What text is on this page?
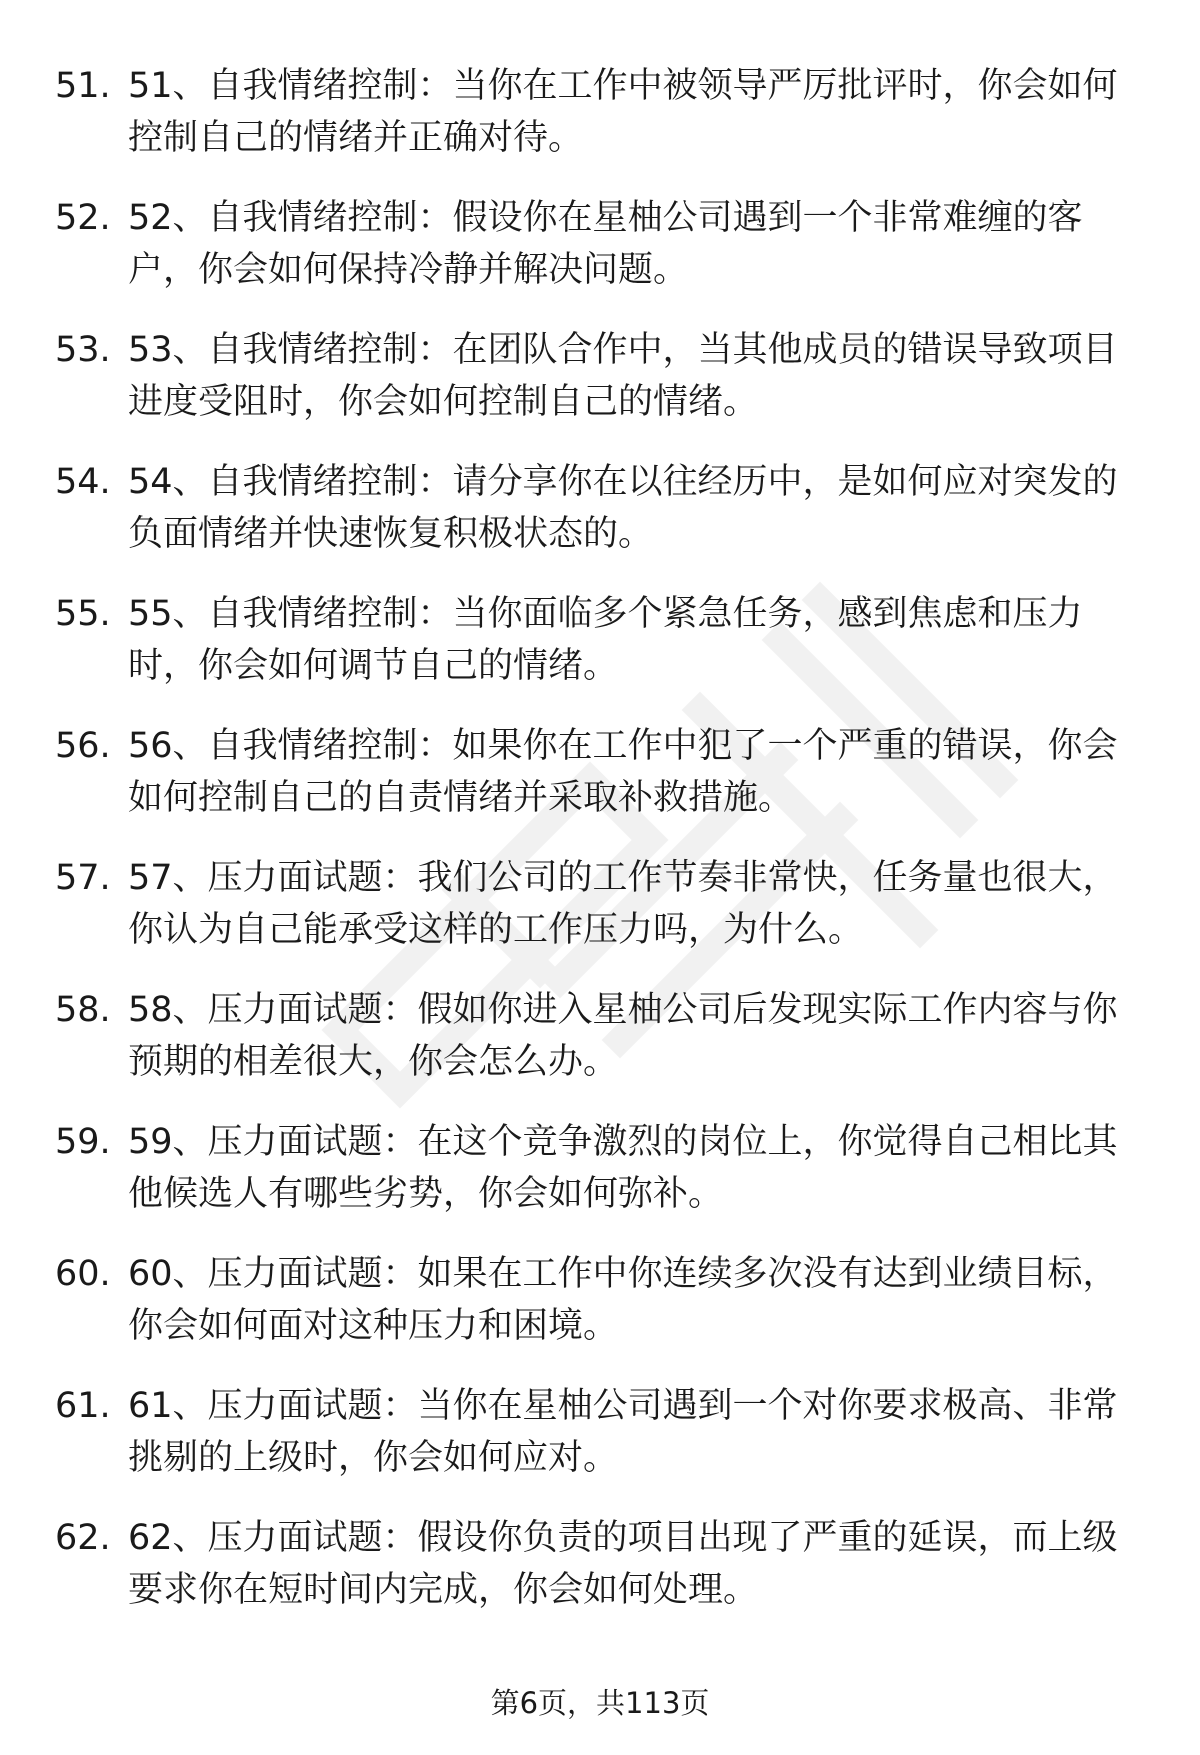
51. 51、自我情绪控制：当你在工作中被领导严厉批评时，你会如何控制自己的情绪并正确对待。
52. 52、自我情绪控制：假设你在星柚公司遇到一个非常难缠的客户，你会如何保持冷静并解决问题。
53. 53、自我情绪控制：在团队合作中，当其他成员的错误导致项目进度受阻时，你会如何控制自己的情绪。
54. 54、自我情绪控制：请分享你在以往经历中，是如何应对突发的负面情绪并快速恢复积极状态的。
55. 55、自我情绪控制：当你面临多个紧急任务，感到焦虑和压力时，你会如何调节自己的情绪。
56. 56、自我情绪控制：如果你在工作中犯了一个严重的错误，你会如何控制自己的自责情绪并采取补救措施。
57. 57、压力面试题：我们公司的工作节奏非常快，任务量也很大，你认为自己能承受这样的工作压力吗，为什么。
58. 58、压力面试题：假如你进入星柚公司后发现实际工作内容与你预期的相差很大，你会怎么办。
59. 59、压力面试题：在这个竞争激烈的岗位上，你觉得自己相比其他候选人有哪些劣势，你会如何弥补。
60. 60、压力面试题：如果在工作中你连续多次没有达到业绩目标，你会如何面对这种压力和困境。
61. 61、压力面试题：当你在星柚公司遇到一个对你要求极高、非常挑剔的上级时，你会如何应对。
62. 62、压力面试题：假设你负责的项目出现了严重的延误，而上级要求你在短时间内完成，你会如何处理。
第6页，共113页
